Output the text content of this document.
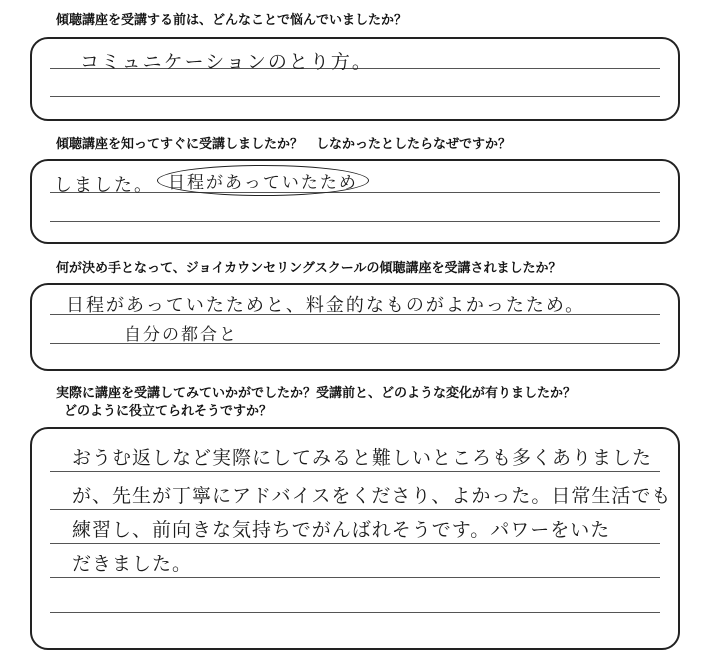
傾聴講座を受講する前は、どんなことで悩んでいましたか？
コミュニケーションのとり方。
傾聴講座を知ってすぐに受講しましたか？　しなかったとしたらなぜですか？
しました。 日程があっていたため
何が決め手となって、ジョイカウンセリングスクールの傾聴講座を受講されましたか？
日程があっていたためと、料金的なものがよかったため。
自分の都合と
実際に講座を受講してみていかがでしたか？受講前と、どのような変化が有りましたか？
どのように役立てられそうですか？
おうむ返しなど実際にしてみると難しいところも多くありました
が、先生が丁寧にアドバイスをくださり、よかった。日常生活でも
練習し、前向きな気持ちでがんばれそうです。パワーをいた
だきました。
